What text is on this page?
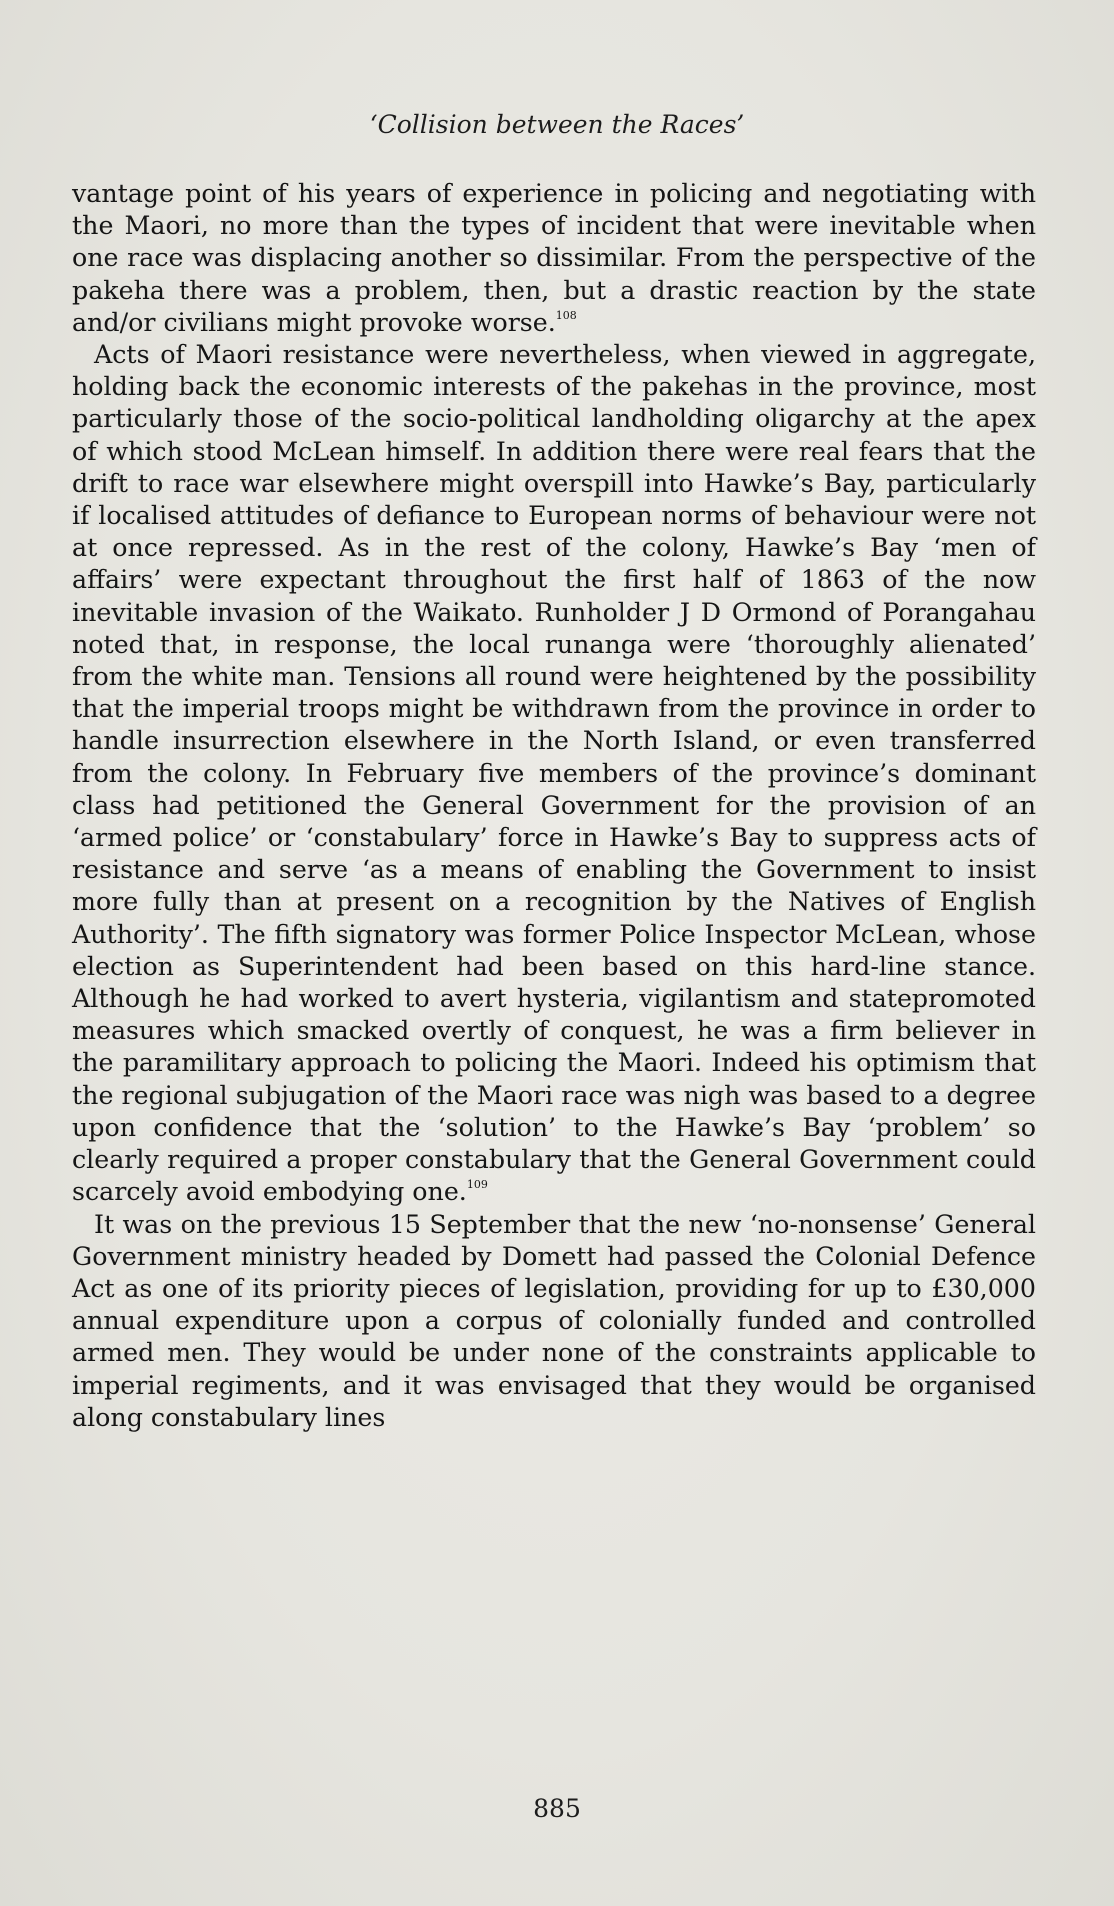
‘Collision between the Races’

vantage point of his years of experience in policing and negotiating with the Maori, no more than the types of incident that were inevitable when one race was displacing another so dissimilar. From the perspective of the pakeha there was a problem, then, but a drastic reaction by the state and/or civilians might provoke worse.$^{108}$

Acts of Maori resistance were nevertheless, when viewed in aggregate, holding back the economic interests of the pakehas in the province, most particularly those of the socio-political landholding oligarchy at the apex of which stood McLean himself. In addition there were real fears that the drift to race war elsewhere might overspill into Hawke’s Bay, particularly if localised attitudes of defiance to European norms of behaviour were not at once repressed. As in the rest of the colony, Hawke’s Bay ‘men of affairs’ were expectant throughout the first half of 1863 of the now inevitable invasion of the Waikato. Runholder J D Ormond of Porangahau noted that, in response, the local runanga were ‘thoroughly alienated’ from the white man. Tensions all round were heightened by the possibility that the imperial troops might be withdrawn from the province in order to handle insurrection elsewhere in the North Island, or even transferred from the colony. In February five members of the province’s dominant class had petitioned the General Government for the provision of an ‘armed police’ or ‘constabulary’ force in Hawke’s Bay to suppress acts of resistance and serve ‘as a means of enabling the Government to insist more fully than at present on a recognition by the Natives of English Authority’. The fifth signatory was former Police Inspector McLean, whose election as Superintendent had been based on this hard-line stance. Although he had worked to avert hysteria, vigilantism and statepromoted measures which smacked overtly of conquest, he was a firm believer in the paramilitary approach to policing the Maori. Indeed his optimism that the regional subjugation of the Maori race was nigh was based to a degree upon confidence that the ‘solution’ to the Hawke’s Bay ‘problem’ so clearly required a proper constabulary that the General Government could scarcely avoid embodying one.$^{109}$

It was on the previous 15 September that the new ‘no-nonsense’ General Government ministry headed by Domett had passed the Colonial Defence Act as one of its priority pieces of legislation, providing for up to £30,000 annual expenditure upon a corpus of colonially funded and controlled armed men. They would be under none of the constraints applicable to imperial regiments, and it was envisaged that they would be organised along constabulary lines

885
